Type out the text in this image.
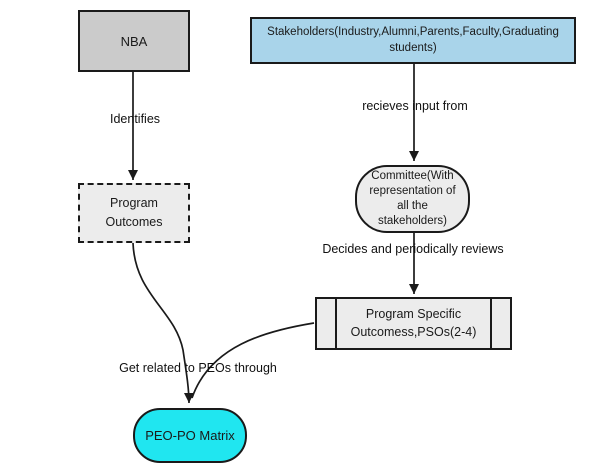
NBA
Stakeholders(Industry,Alumni,Parents,Faculty,Graduating students)
Program Outcomes
Committee(With representation of all the stakeholders)
Program Specific Outcomess,PSOs(2-4)
PEO-PO Matrix
Identifies
recieves input from
Decides and periodically reviews
Get related to PEOs through
